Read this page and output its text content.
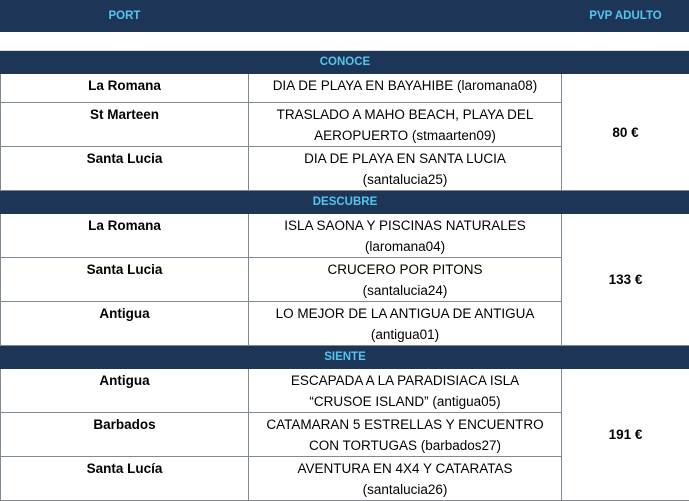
PORT		PVP ADULTO

CONOCE		
La Romana	DIA DE PLAYA EN BAYAHIBE (laromana08)	80 €
St Marteen	TRASLADO A MAHO BEACH, PLAYA DEL
AEROPUERTO (stmaarten09)	
Santa Lucia	DIA DE PLAYA EN SANTA LUCIA
(santalucia25)	
DESCUBRE		
La Romana	ISLA SAONA Y PISCINAS NATURALES
(laromana04)	133 €
Santa Lucia	CRUCERO POR PITONS
(santalucia24)	
Antigua	LO MEJOR DE LA ANTIGUA DE ANTIGUA
(antigua01)	
SIENTE		
Antigua	ESCAPADA A LA PARADISIACA ISLA
“CRUSOE ISLAND” (antigua05)	191 €
Barbados	CATAMARAN 5 ESTRELLAS Y ENCUENTRO
CON TORTUGAS (barbados27)	
Santa Lucía	AVENTURA EN 4X4 Y CATARATAS
(santalucia26)	
